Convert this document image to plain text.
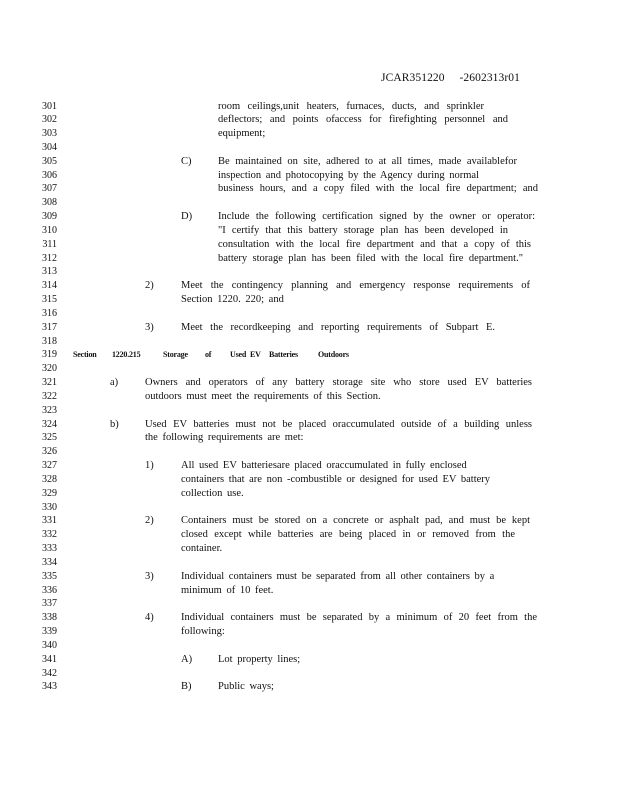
JCAR351220     -2602313r01
301	room ceilings,unit heaters, furnaces, ducts, and sprinkler
302	deflectors; and points ofaccess for firefighting personnel and
303	equipment;
304
305	C)	Be maintained on site, adhered to at all times, made availablefor
306	inspection and photocopying by the Agency during normal
307	business hours, and a copy filed with the local fire department; and
308
309	D) Include the following certification signed by the owner or operator:
310	"I certify that this battery storage plan has been developed in
311	consultation with the local fire department and that a copy of this
312	battery storage plan has been filed with the local fire department."
313
314	2)	Meet the contingency planning and emergency response requirements of
315	Section 1220. 220; and
316
317	3)	Meet the recordkeeping and reporting requirements of Subpart E.
318
319 Section 1220.215	Storage of Used EV Batteries	Outdoors
320
321	a)	Owners and operators of any battery storage site who store used EV batteries
322	outdoors must meet the requirements of this Section.
323
324	b)	Used EV batteries must not be placed oraccumulated outside of a building unless
325	the following requirements are met:
326
327	1)	All used EV batteriesare placed oraccumulated in fully enclosed
328	containers that are non -combustible or designed for used EV battery
329	collection use.
330
331	2)	Containers must be stored on a concrete or asphalt pad, and must be kept
332	closed except while batteries are being placed in or removed from the
333	container.
334
335	3)	Individual containers must be separated from all other containers by a
336	minimum of 10 feet.
337
338	4)	Individual containers must be separated by a minimum of 20 feet from the
339	following:
340
341	A) Lot property lines;
342
343	B)	Public ways;
